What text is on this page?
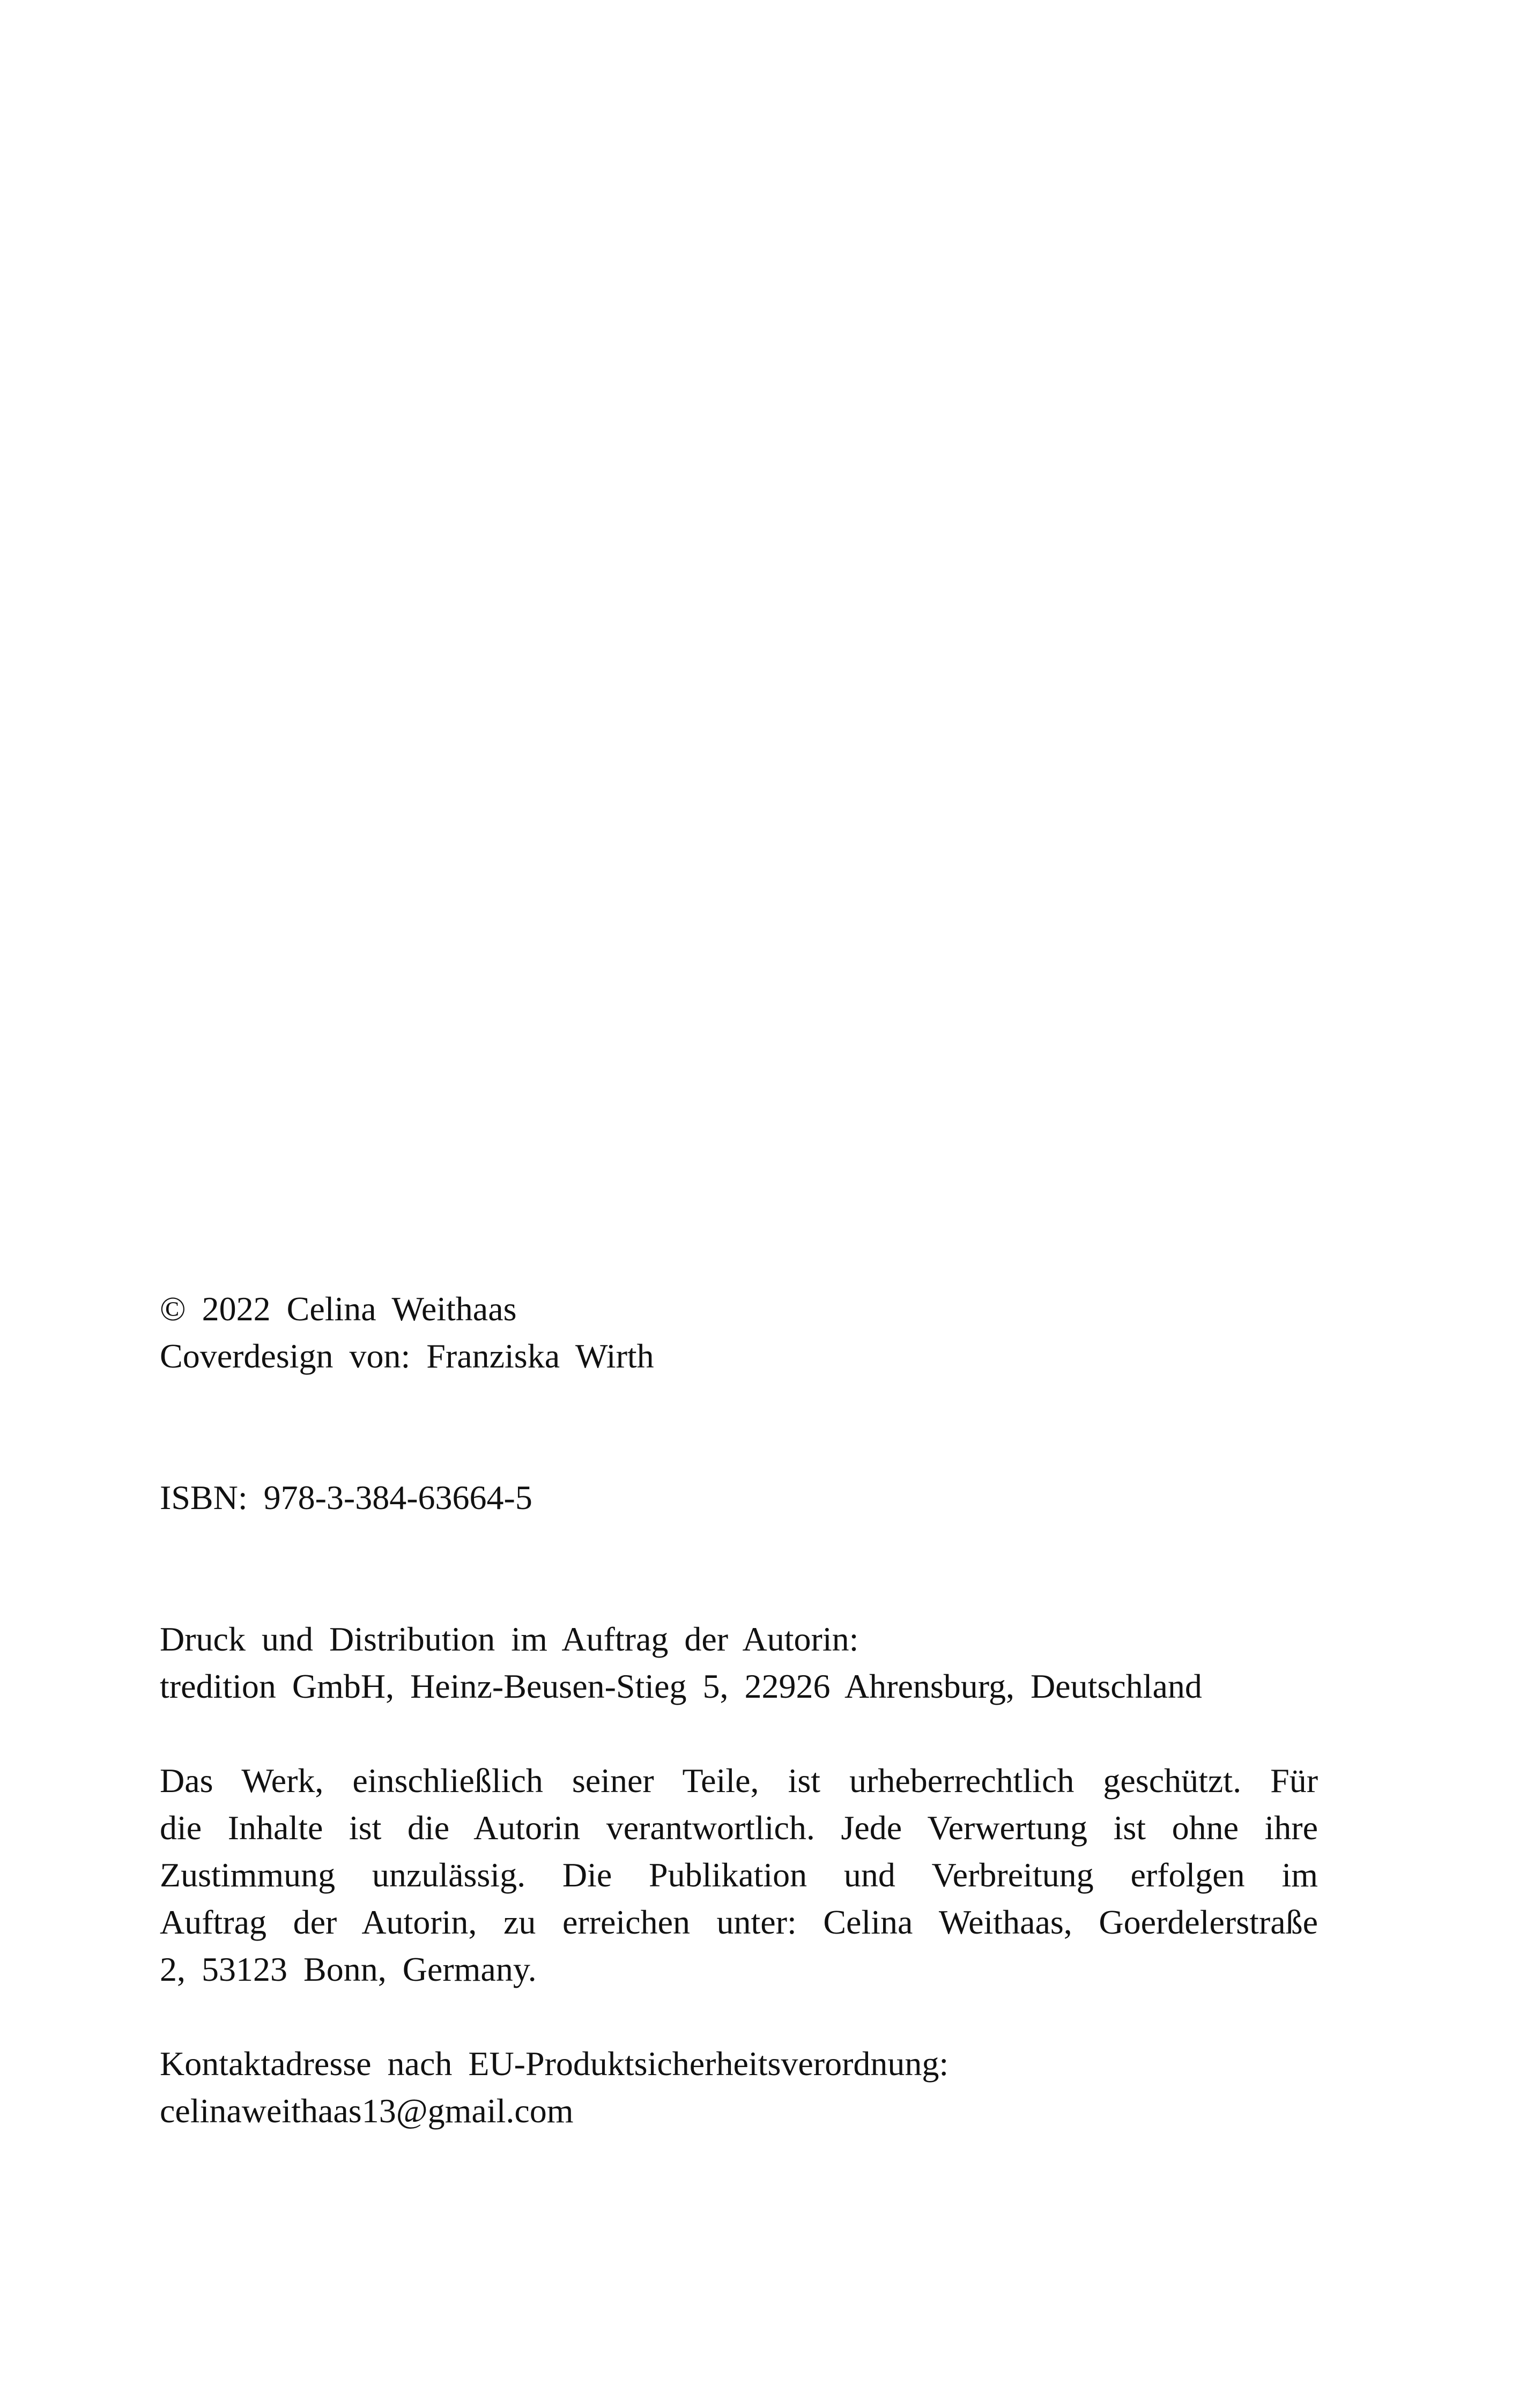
© 2022 Celina Weithaas
Coverdesign von: Franziska Wirth

ISBN: 978-3-384-63664-5

Druck und Distribution im Auftrag der Autorin:
tredition GmbH, Heinz-Beusen-Stieg 5, 22926 Ahrensburg, Deutschland

Das Werk, einschließlich seiner Teile, ist urheberrechtlich geschützt. Für
die Inhalte ist die Autorin verantwortlich. Jede Verwertung ist ohne ihre
Zustimmung unzulässig. Die Publikation und Verbreitung erfolgen im
Auftrag der Autorin, zu erreichen unter: Celina Weithaas, Goerdelerstraße
2, 53123 Bonn, Germany.

Kontaktadresse nach EU-Produktsicherheitsverordnung:
celinaweithaas13@gmail.com
